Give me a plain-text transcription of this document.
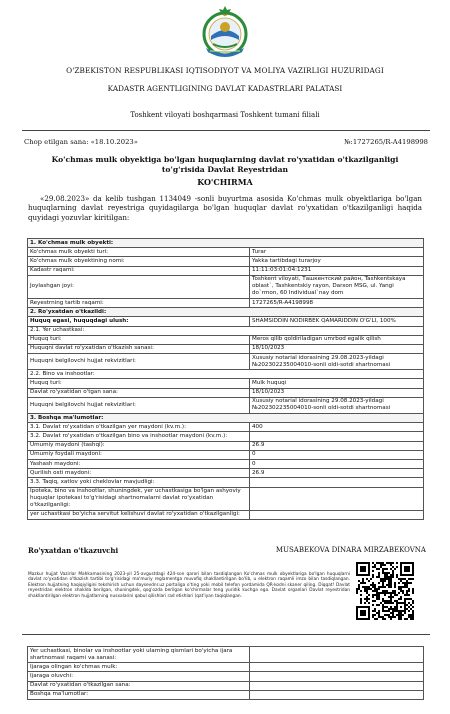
O'ZBEKISTON RESPUBLIKASI IQTISODIYOT VA MOLIYA VAZIRLIGI HUZURIDAGI
KADASTR AGENTLIGINING DAVLAT KADASTRLARI PALATASI
Toshkent viloyati boshqarmasi Toshkent tumani filiali
Chop etilgan sana: «18.10.2023»	№:1727265/R-A4198998
Ko'chmas mulk obyektiga bo'lgan huquqlarning davlat ro'yxatidan o'tkazilganligi to'g'risida Davlat Reyestridan
KO'CHIRMA
«29.08.2023» da kelib tushgan 1134049 -sonli buyurtma asosida Ko'chmas mulk obyektlariga bo'lgan huquqlarning davlat reyestriga quyidagilarga bo'lgan huquqlar davlat ro'yxatidan o'tkazilganligi haqida quyidagi yozuvlar kiritilgan:
1. Ko'chmas mulk obyekti:	
Ko'chmas mulk obyekti turi:	Turar
Ko'chmas mulk obyektining nomi:	Yakka tartibdagi turarjoy
Kadastr raqami:	11:11:03:01:04:1231
Joylashgan joyi:	Toshkent viloyati, Ташкентский район, Tashkentskaya oblast`, Tashkentskiy rayon, Darxon MSG, ul. Yangi do`rmon, 60 Individual`nay dom
Reyestrning tartib raqami:	1727265/R-A4198998
2. Ro'yxatdan o'tkazildi:	
Huquq egasi, huquqdagi ulush:	SHAMSIDDIN NODIRBEK QAMARIDDIN O'G'LI, 100%
2.1. Yer uchastkasi:	
Huquq turi:	Meros qilib qoldiriladigan umrbod egalik qilish
Huquqni davlat ro'yxatidan o'tkazish sanasi:	18/10/2023
Huquqni belgilovchi hujjat rekvizitlari:	Xususiy notarial idorasining 29.08.2023-yildagi №202302235004010-sonli oldi-sotdi shartnomasi
2.2. Bino va inshootlar:	
Huquq turi:	Mulk huquqi
Davlat ro'yxatidan o'tgan sana:	18/10/2023
Huquqni belgilovchi hujjat rekvizitlari:	Xususiy notarial idorasining 29.08.2023-yildagi №202302235004010-sonli oldi-sotdi shartnomasi
3. Boshqa ma'lumotlar:	
3.1. Davlat ro'yxatidan o'tkazilgan yer maydoni (kv.m.):	400
3.2. Davlat ro'yxatidan o'tkazilgan bino va inshootlar maydoni (kv.m.):	
Umumiy maydoni (tashqi):	26.9
Umumiy foydali maydoni:	0
Yashash maydoni:	0
Qurilish osti maydoni:	26.9
3.3. Taqiq, xatlov yoki cheklovlar mavjudligi:	
Ipoteka, bino va inshootlar, shuningdek, yer uchastkasiga bo'lgan ashyoviy huquqlar ipotekasi to'g'risidagi shartnomalarni davlat ro'yxatidan o'tkazilganligi:	
yer uchastkasi bo'yicha servitut kelishuvi davlat ro'yxatidan o'tkazilganligi:	
Ro'yxatdan o'tkazuvchi	MUSABEKOVA DINARA MIRZABEKOVNA
Mazkur hujjat Vazirlar Mahkamasining 2023-yil 25-avgustdagi 424-son qarori bilan tasdiqlangan Ko'chmas mulk obyektlariga bo'lgan huquqlarni davlat ro'yxatidan o'tkazish tartibi to'g'risidagi ma'muriy reglamentga muvofiq shakllantirilgan bo'lib, u elektron raqamli imzo bilan tasdiqlangan. Elektron hujjatning haqiqiyligini tekshirish uchun daysevdnr.uz portaliga o'ting yoki mobil telefon yordamida QR-kodni skaner qiling. Diqqat! Davlat reyestridan elektron shaklda berilgan, shuningdek, qog'ozda berilgan ko'chirmalar teng yuridik kuchga ega. Davlat organlari Davlat reyestridan shakllantirilgan elektron hujjatlarning nusxalarini qabul qilishlari rad etishlari (qat'iyan taqiqlangan.
Yer uchastkasi, binolar va inshootlar yoki ularning qismlari bo'yicha ijara shartnomasi raqami va sanasi:	
Ijaraga olingan ko'chmas mulk:	
Ijaraga oluvchi:	
Davlat ro'yxatidan o'tkazilgan sana:	
Boshqa ma'lumotlar:	
